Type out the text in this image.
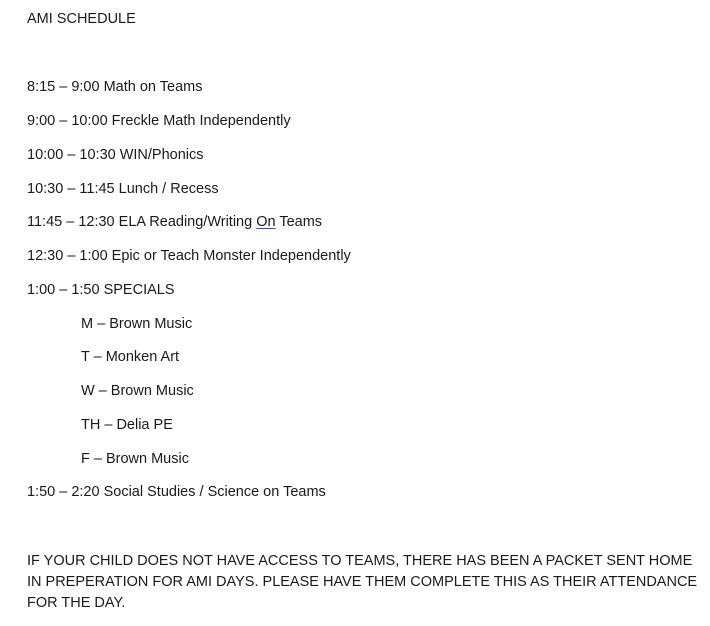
AMI SCHEDULE
8:15 – 9:00 Math on Teams
9:00 – 10:00 Freckle Math Independently
10:00 – 10:30 WIN/Phonics
10:30 – 11:45 Lunch / Recess
11:45 – 12:30 ELA Reading/Writing On Teams
12:30 – 1:00 Epic or Teach Monster Independently
1:00 – 1:50 SPECIALS
M – Brown Music
T – Monken Art
W – Brown Music
TH – Delia PE
F – Brown Music
1:50 – 2:20 Social Studies / Science on Teams
IF YOUR CHILD DOES NOT HAVE ACCESS TO TEAMS, THERE HAS BEEN A PACKET SENT HOME IN PREPERATION FOR AMI DAYS. PLEASE HAVE THEM COMPLETE THIS AS THEIR ATTENDANCE FOR THE DAY.
